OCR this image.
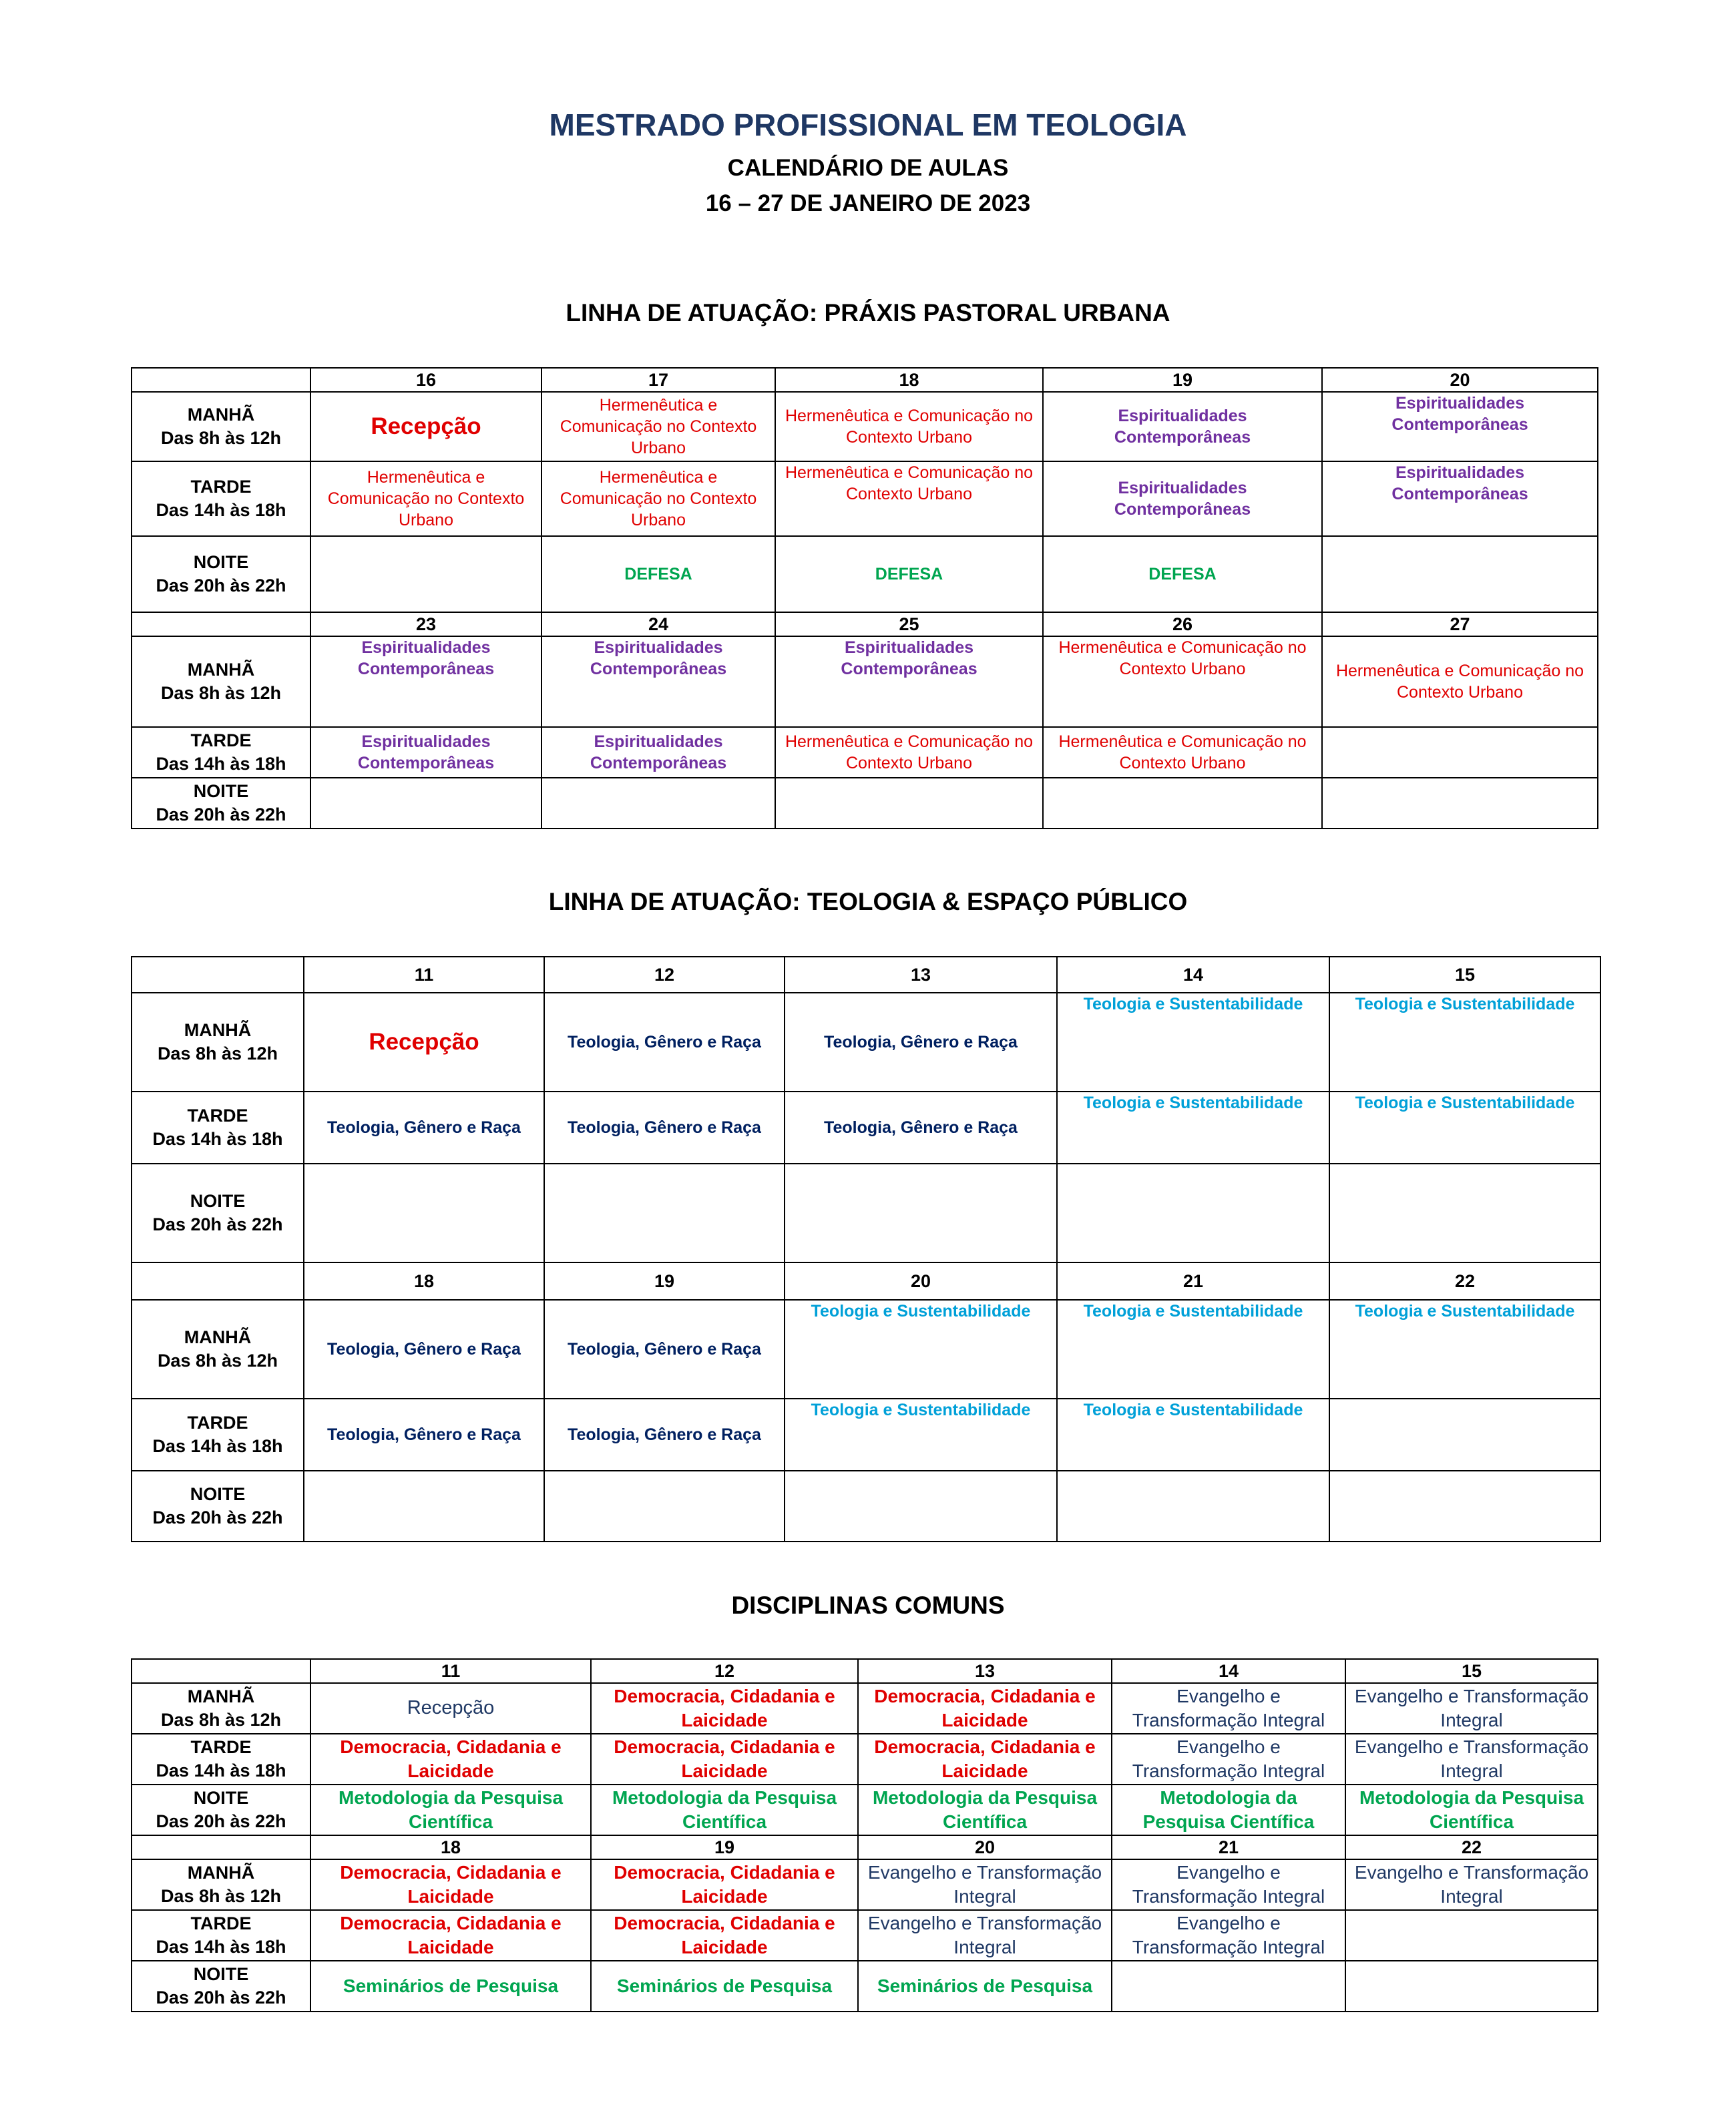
MESTRADO PROFISSIONAL EM TEOLOGIA
CALENDÁRIO DE AULAS
16 – 27 DE JANEIRO DE 2023
LINHA DE ATUAÇÃO: PRÁXIS PASTORAL URBANA
	16	17	18	19	20
MANHÃ
Das 8h às 12h	Recepção	Hermenêutica e Comunicação no Contexto Urbano	Hermenêutica e Comunicação no Contexto Urbano	Espiritualidades Contemporâneas	Espiritualidades Contemporâneas
TARDE
Das 14h às 18h	Hermenêutica e Comunicação no Contexto Urbano	Hermenêutica e Comunicação no Contexto Urbano	Hermenêutica e Comunicação no Contexto Urbano	Espiritualidades Contemporâneas	Espiritualidades Contemporâneas
NOITE
Das 20h às 22h		DEFESA	DEFESA	DEFESA	
	23	24	25	26	27
MANHÃ
Das 8h às 12h	Espiritualidades Contemporâneas	Espiritualidades Contemporâneas	Espiritualidades Contemporâneas	Hermenêutica e Comunicação no Contexto Urbano	Hermenêutica e Comunicação no Contexto Urbano
TARDE
Das 14h às 18h	Espiritualidades Contemporâneas	Espiritualidades Contemporâneas	Hermenêutica e Comunicação no Contexto Urbano	Hermenêutica e Comunicação no Contexto Urbano	
NOITE
Das 20h às 22h					
LINHA DE ATUAÇÃO: TEOLOGIA & ESPAÇO PÚBLICO
	11	12	13	14	15
MANHÃ
Das 8h às 12h	Recepção	Teologia, Gênero e Raça	Teologia, Gênero e Raça	Teologia e Sustentabilidade	Teologia e Sustentabilidade
TARDE
Das 14h às 18h	Teologia, Gênero e Raça	Teologia, Gênero e Raça	Teologia, Gênero e Raça	Teologia e Sustentabilidade	Teologia e Sustentabilidade
NOITE
Das 20h às 22h					
	18	19	20	21	22
MANHÃ
Das 8h às 12h	Teologia, Gênero e Raça	Teologia, Gênero e Raça	Teologia e Sustentabilidade	Teologia e Sustentabilidade	Teologia e Sustentabilidade
TARDE
Das 14h às 18h	Teologia, Gênero e Raça	Teologia, Gênero e Raça	Teologia e Sustentabilidade	Teologia e Sustentabilidade	
NOITE
Das 20h às 22h					
DISCIPLINAS COMUNS
	11	12	13	14	15
MANHÃ
Das 8h às 12h	Recepção	Democracia, Cidadania e Laicidade	Democracia, Cidadania e Laicidade	Evangelho e Transformação Integral	Evangelho e Transformação Integral
TARDE
Das 14h às 18h	Democracia, Cidadania e Laicidade	Democracia, Cidadania e Laicidade	Democracia, Cidadania e Laicidade	Evangelho e Transformação Integral	Evangelho e Transformação Integral
NOITE
Das 20h às 22h	Metodologia da Pesquisa Científica	Metodologia da Pesquisa Científica	Metodologia da Pesquisa Científica	Metodologia da Pesquisa Científica	Metodologia da Pesquisa Científica
	18	19	20	21	22
MANHÃ
Das 8h às 12h	Democracia, Cidadania e Laicidade	Democracia, Cidadania e Laicidade	Evangelho e Transformação Integral	Evangelho e Transformação Integral	Evangelho e Transformação Integral
TARDE
Das 14h às 18h	Democracia, Cidadania e Laicidade	Democracia, Cidadania e Laicidade	Evangelho e Transformação Integral	Evangelho e Transformação Integral	
NOITE
Das 20h às 22h	Seminários de Pesquisa	Seminários de Pesquisa	Seminários de Pesquisa		
